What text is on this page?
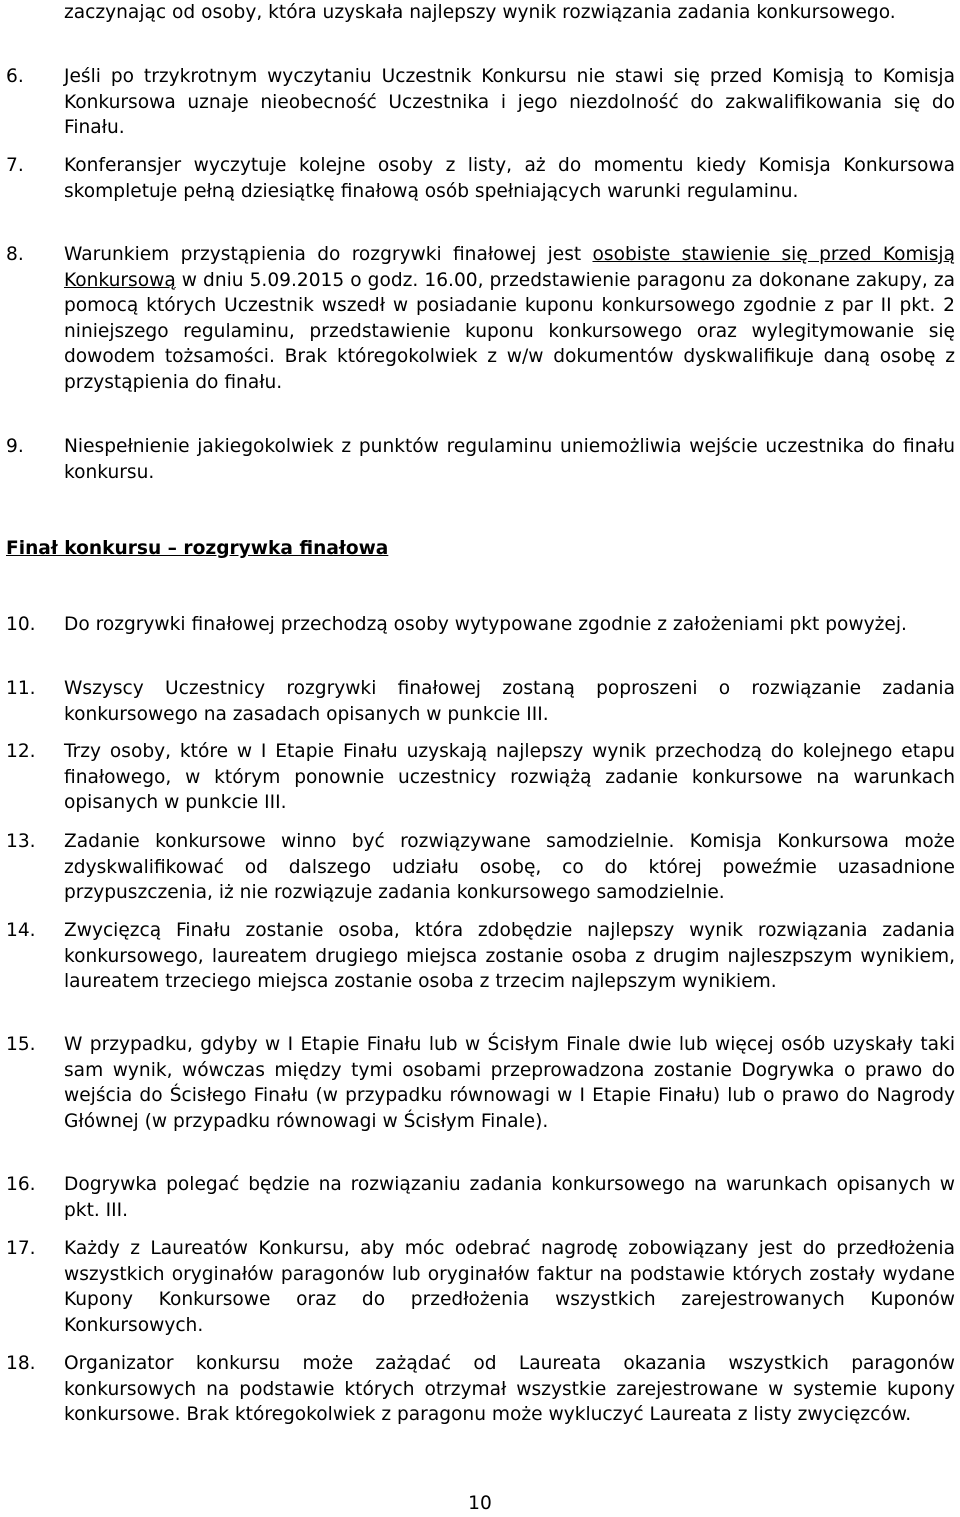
zaczynając od osoby, która uzyskała najlepszy wynik rozwiązania zadania konkursowego.

6. Jeśli po trzykrotnym wyczytaniu Uczestnik Konkursu nie stawi się przed Komisją to Komisja Konkursowa uznaje nieobecność Uczestnika i jego niezdolność do zakwalifikowania się do Finału.

7. Konferansjer wyczytuje kolejne osoby z listy, aż do momentu kiedy Komisja Konkursowa skompletuje pełną dziesiątkę finałową osób spełniających warunki regulaminu.

8. Warunkiem przystąpienia do rozgrywki finałowej jest osobiste stawienie się przed Komisją Konkursową w dniu 5.09.2015 o godz. 16.00, przedstawienie paragonu za dokonane zakupy, za pomocą których Uczestnik wszedł w posiadanie kuponu konkursowego zgodnie z par II pkt. 2 niniejszego regulaminu, przedstawienie kuponu konkursowego oraz wylegitymowanie się dowodem tożsamości. Brak któregokolwiek z w/w dokumentów dyskwalifikuje daną osobę z przystąpienia do finału.

9. Niespełnienie jakiegokolwiek z punktów regulaminu uniemożliwia wejście uczestnika do finału konkursu.

Finał konkursu – rozgrywka finałowa

10. Do rozgrywki finałowej przechodzą osoby wytypowane zgodnie z założeniami pkt powyżej.

11. Wszyscy Uczestnicy rozgrywki finałowej zostaną poproszeni o rozwiązanie zadania konkursowego na zasadach opisanych w punkcie III.

12. Trzy osoby, które w I Etapie Finału uzyskają najlepszy wynik przechodzą do kolejnego etapu finałowego, w którym ponownie uczestnicy rozwiążą zadanie konkursowe na warunkach opisanych w punkcie III.

13. Zadanie konkursowe winno być rozwiązywane samodzielnie. Komisja Konkursowa może zdyskwalifikować od dalszego udziału osobę, co do której poweźmie uzasadnione przypuszczenia, iż nie rozwiązuje zadania konkursowego samodzielnie.

14. Zwycięzcą Finału zostanie osoba, która zdobędzie najlepszy wynik rozwiązania zadania konkursowego, laureatem drugiego miejsca zostanie osoba z drugim najleszpszym wynikiem, laureatem trzeciego miejsca zostanie osoba z trzecim najlepszym wynikiem.

15. W przypadku, gdyby w I Etapie Finału lub w Ścisłym Finale dwie lub więcej osób uzyskały taki sam wynik, wówczas między tymi osobami przeprowadzona zostanie Dogrywka o prawo do wejścia do Ścisłego Finału (w przypadku równowagi w I Etapie Finału) lub o prawo do Nagrody Głównej (w przypadku równowagi w Ścisłym Finale).

16. Dogrywka polegać będzie na rozwiązaniu zadania konkursowego na warunkach opisanych w pkt. III.

17. Każdy z Laureatów Konkursu, aby móc odebrać nagrodę zobowiązany jest do przedłożenia wszystkich oryginałów paragonów lub oryginałów faktur na podstawie których zostały wydane Kupony Konkursowe oraz do przedłożenia wszystkich zarejestrowanych Kuponów Konkursowych.

18. Organizator konkursu może zażądać od Laureata okazania wszystkich paragonów konkursowych na podstawie których otrzymał wszystkie zarejestrowane w systemie kupony konkursowe. Brak któregokolwiek z paragonu może wykluczyć Laureata z listy zwycięzców.

10
